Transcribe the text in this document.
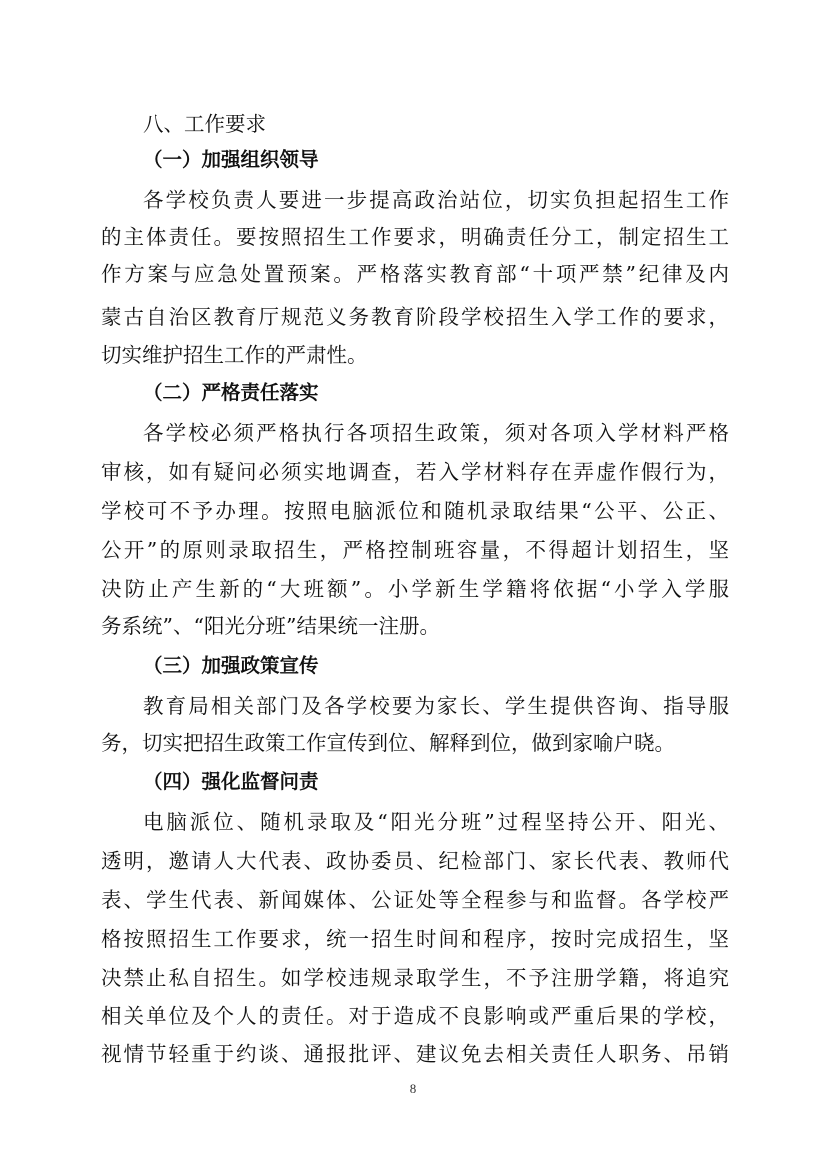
八、工作要求
（一）加强组织领导
各学校负责人要进一步提高政治站位，切实负担起招生工作
的主体责任。要按照招生工作要求，明确责任分工，制定招生工
作方案与应急处置预案。严格落实教育部“十项严禁”纪律及内
蒙古自治区教育厅规范义务教育阶段学校招生入学工作的要求，
切实维护招生工作的严肃性。
（二）严格责任落实
各学校必须严格执行各项招生政策，须对各项入学材料严格
审核，如有疑问必须实地调查，若入学材料存在弄虚作假行为，
学校可不予办理。按照电脑派位和随机录取结果“公平、公正、
公开”的原则录取招生，严格控制班容量，不得超计划招生，坚
决防止产生新的“大班额”。小学新生学籍将依据“小学入学服
务系统”、“阳光分班”结果统一注册。
（三）加强政策宣传
教育局相关部门及各学校要为家长、学生提供咨询、指导服
务，切实把招生政策工作宣传到位、解释到位，做到家喻户晓。
（四）强化监督问责
电脑派位、随机录取及“阳光分班”过程坚持公开、阳光、
透明，邀请人大代表、政协委员、纪检部门、家长代表、教师代
表、学生代表、新闻媒体、公证处等全程参与和监督。各学校严
格按照招生工作要求，统一招生时间和程序，按时完成招生，坚
决禁止私自招生。如学校违规录取学生，不予注册学籍，将追究
相关单位及个人的责任。对于造成不良影响或严重后果的学校，
视情节轻重于约谈、通报批评、建议免去相关责任人职务、吊销
8
